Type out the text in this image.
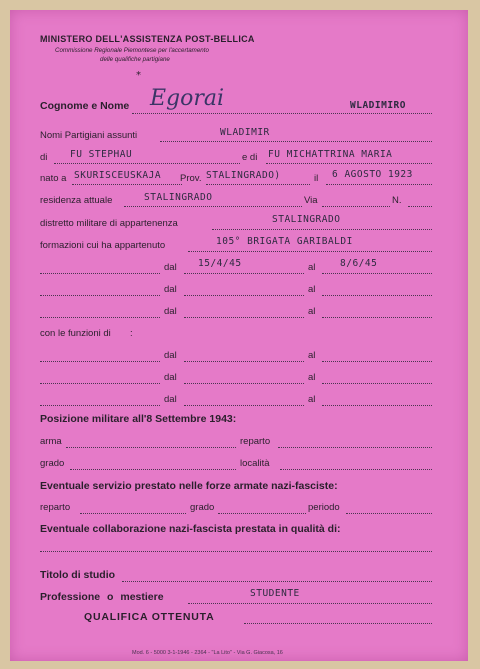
MINISTERO DELL'ASSISTENZA POST-BELLICA
Commissione Regionale Piemontese per l'accertamento
delle qualifiche partigiane
*
Cognome e Nome Egorai	WLADIMIRO
Nomi Partigiani assunti	WLADIMIR
di FU STEPHAU	e di FU MICHATTRINA MARIA
nato a SKURISCEUSKAJA Prov. STALINGRADO)	il 6 AGOSTO 1923
residenza attuale	STALINGRADO	Via	N.
distretto militare di appartenenza	STALINGRADO
formazioni cui ha appartenuto	105° BRIGATA GARIBALDI
dal 15/4/45	al	8/6/45
dal	al
dal	al
con le funzioni di :
dal	al
dal	al
dal	al
Posizione militare all'8 Settembre 1943:
arma	reparto
grado	località
Eventuale servizio prestato nelle forze armate nazi-fasciste:
reparto	grado	periodo
Eventuale collaborazione nazi-fascista prestata in qualità di:
Titolo di studio
Professione o mestiere	STUDENTE
QUALIFICA OTTENUTA
Mod. 6 - 5000 3-1-1946 - 2364 - "La Lito" - Via G. Giacosa, 16
